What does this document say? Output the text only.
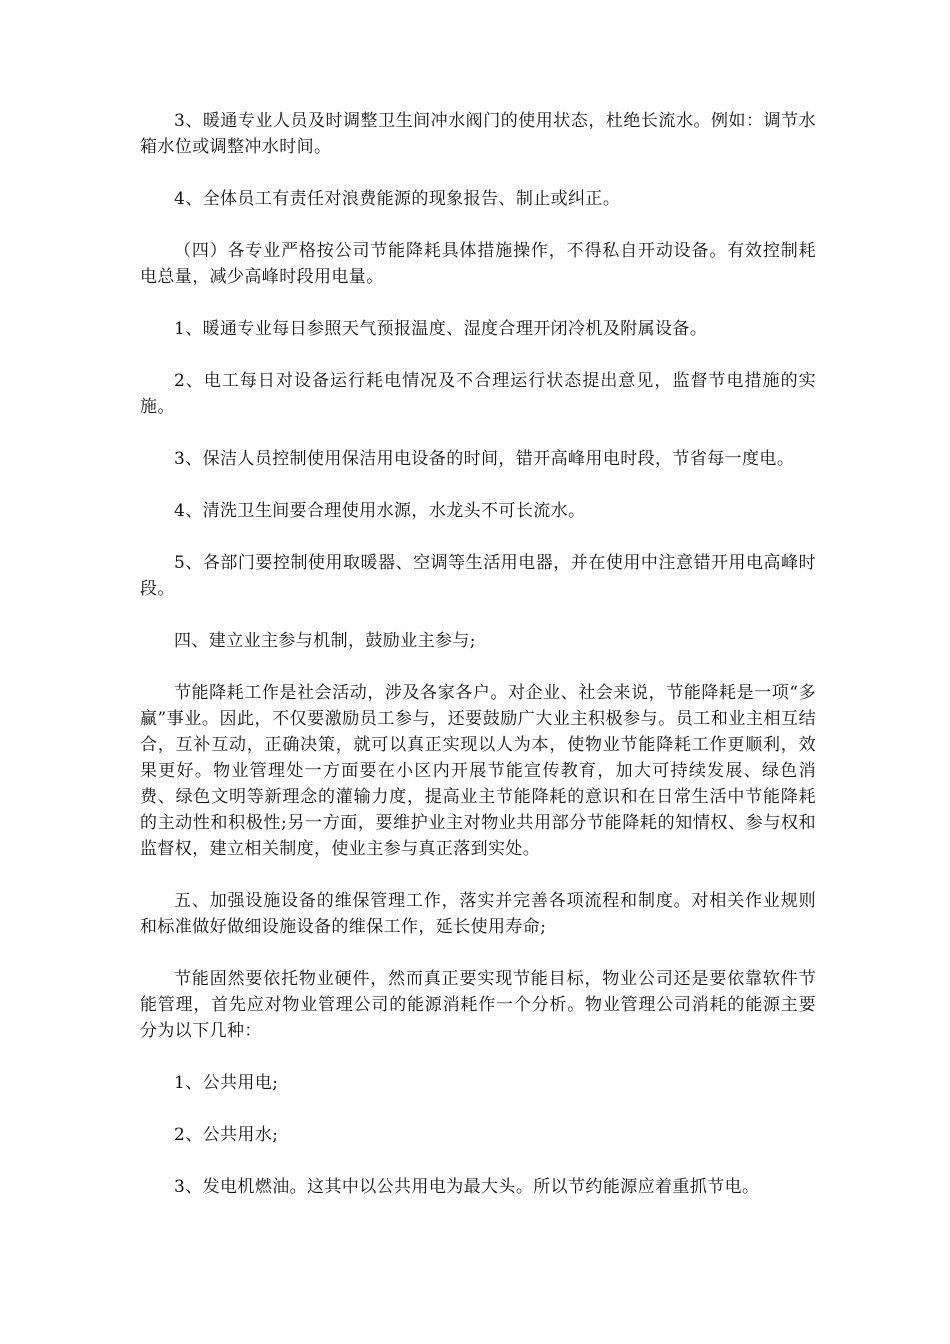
3、暖通专业人员及时调整卫生间冲水阀门的使用状态，杜绝长流水。例如：调节水箱水位或调整冲水时间。

4、全体员工有责任对浪费能源的现象报告、制止或纠正。

（四）各专业严格按公司节能降耗具体措施操作，不得私自开动设备。有效控制耗电总量，减少高峰时段用电量。

1、暖通专业每日参照天气预报温度、湿度合理开闭冷机及附属设备。

2、电工每日对设备运行耗电情况及不合理运行状态提出意见，监督节电措施的实施。

3、保洁人员控制使用保洁用电设备的时间，错开高峰用电时段，节省每一度电。

4、清洗卫生间要合理使用水源，水龙头不可长流水。

5、各部门要控制使用取暖器、空调等生活用电器，并在使用中注意错开用电高峰时段。

四、建立业主参与机制，鼓励业主参与;

节能降耗工作是社会活动，涉及各家各户。对企业、社会来说，节能降耗是一项“多赢”事业。因此，不仅要激励员工参与，还要鼓励广大业主积极参与。员工和业主相互结合，互补互动，正确决策，就可以真正实现以人为本，使物业节能降耗工作更顺利，效果更好。物业管理处一方面要在小区内开展节能宣传教育，加大可持续发展、绿色消费、绿色文明等新理念的灌输力度，提高业主节能降耗的意识和在日常生活中节能降耗的主动性和积极性;另一方面，要维护业主对物业共用部分节能降耗的知情权、参与权和监督权，建立相关制度，使业主参与真正落到实处。

五、加强设施设备的维保管理工作，落实并完善各项流程和制度。对相关作业规则和标准做好做细设施设备的维保工作，延长使用寿命;

节能固然要依托物业硬件，然而真正要实现节能目标，物业公司还是要依靠软件节能管理，首先应对物业管理公司的能源消耗作一个分析。物业管理公司消耗的能源主要分为以下几种：

1、公共用电;

2、公共用水;

3、发电机燃油。这其中以公共用电为最大头。所以节约能源应着重抓节电。
